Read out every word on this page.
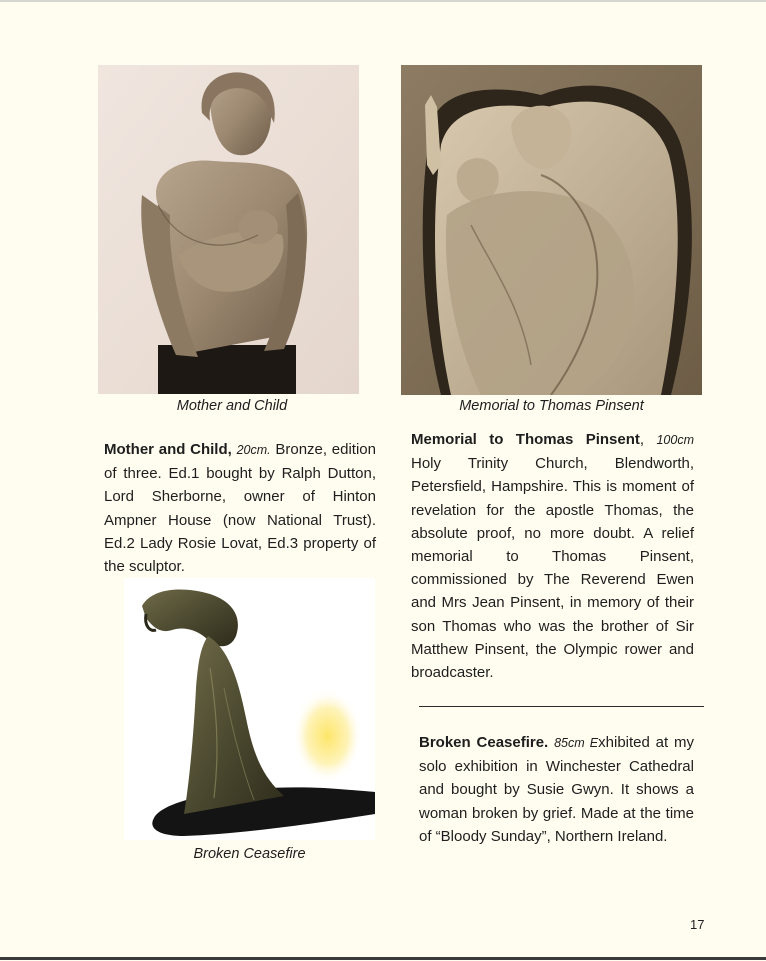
Mother and Child	Memorial to Thomas Pinsent
Mother and Child, 20cm. Bronze, edition of three. Ed.1 bought by Ralph Dutton, Lord Sherborne, owner of Hinton Ampner House (now National Trust). Ed.2 Lady Rosie Lovat, Ed.3 property of the sculptor.
Memorial to Thomas Pinsent, 100cm Holy Trinity Church, Blendworth, Petersfield, Hampshire. This is moment of revelation for the apostle Thomas, the absolute proof, no more doubt. A relief memorial to Thomas Pinsent, commissioned by The Reverend Ewen and Mrs Jean Pinsent, in memory of their son Thomas who was the brother of Sir Matthew Pinsent, the Olympic rower and broadcaster.
Broken Ceasefire
Broken Ceasefire. 85cm Exhibited at my solo exhibition in Winchester Cathedral and bought by Susie Gwyn. It shows a woman broken by grief. Made at the time of “Bloody Sunday”, Northern Ireland.
17
